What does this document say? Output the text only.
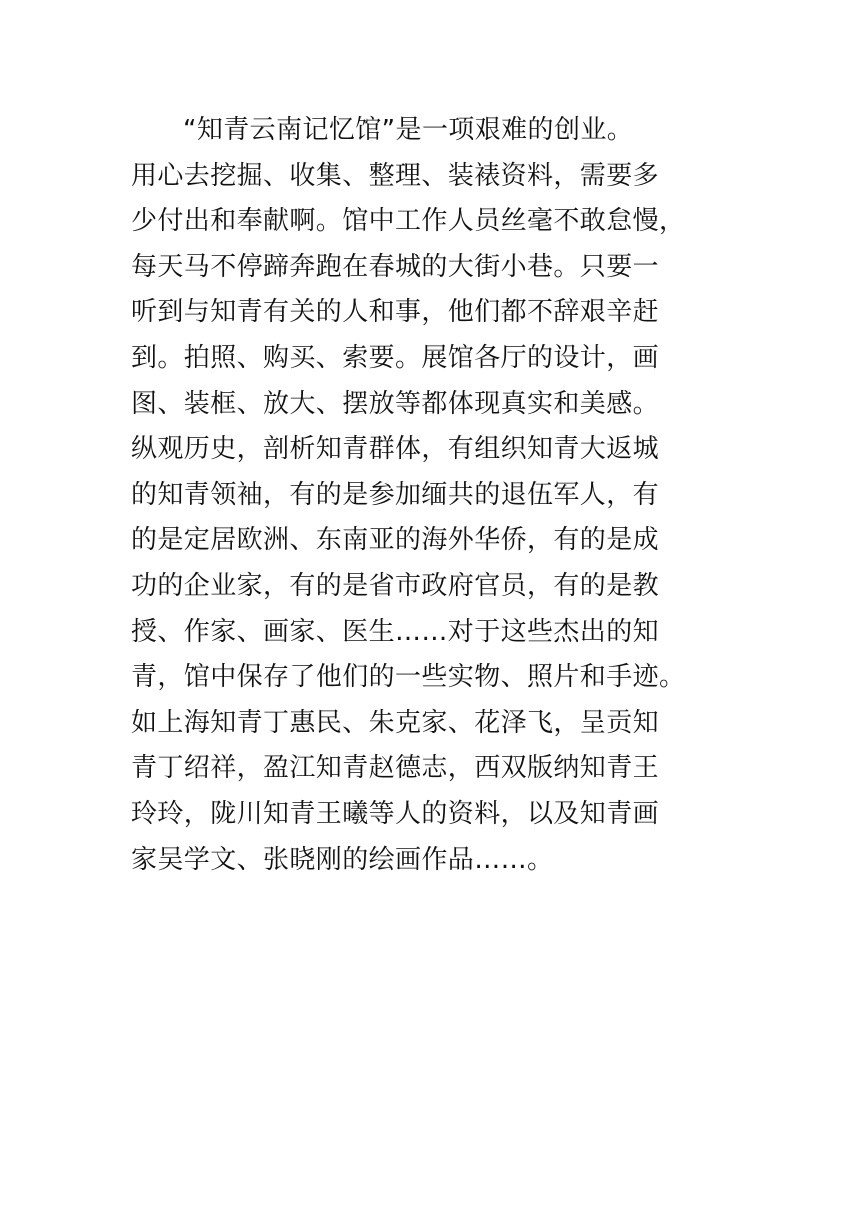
“知青云南记忆馆”是一项艰难的创业。
用心去挖掘、收集、整理、装裱资料，需要多
少付出和奉献啊。馆中工作人员丝毫不敢怠慢，
每天马不停蹄奔跑在春城的大街小巷。只要一
听到与知青有关的人和事，他们都不辞艰辛赶
到。拍照、购买、索要。展馆各厅的设计，画
图、装框、放大、摆放等都体现真实和美感。
纵观历史，剖析知青群体，有组织知青大返城
的知青领袖，有的是参加缅共的退伍军人，有
的是定居欧洲、东南亚的海外华侨，有的是成
功的企业家，有的是省市政府官员，有的是教
授、作家、画家、医生……对于这些杰出的知
青，馆中保存了他们的一些实物、照片和手迹。
如上海知青丁惠民、朱克家、花泽飞，呈贡知
青丁绍祥，盈江知青赵德志，西双版纳知青王
玲玲，陇川知青王曦等人的资料，以及知青画
家吴学文、张晓刚的绘画作品……。
